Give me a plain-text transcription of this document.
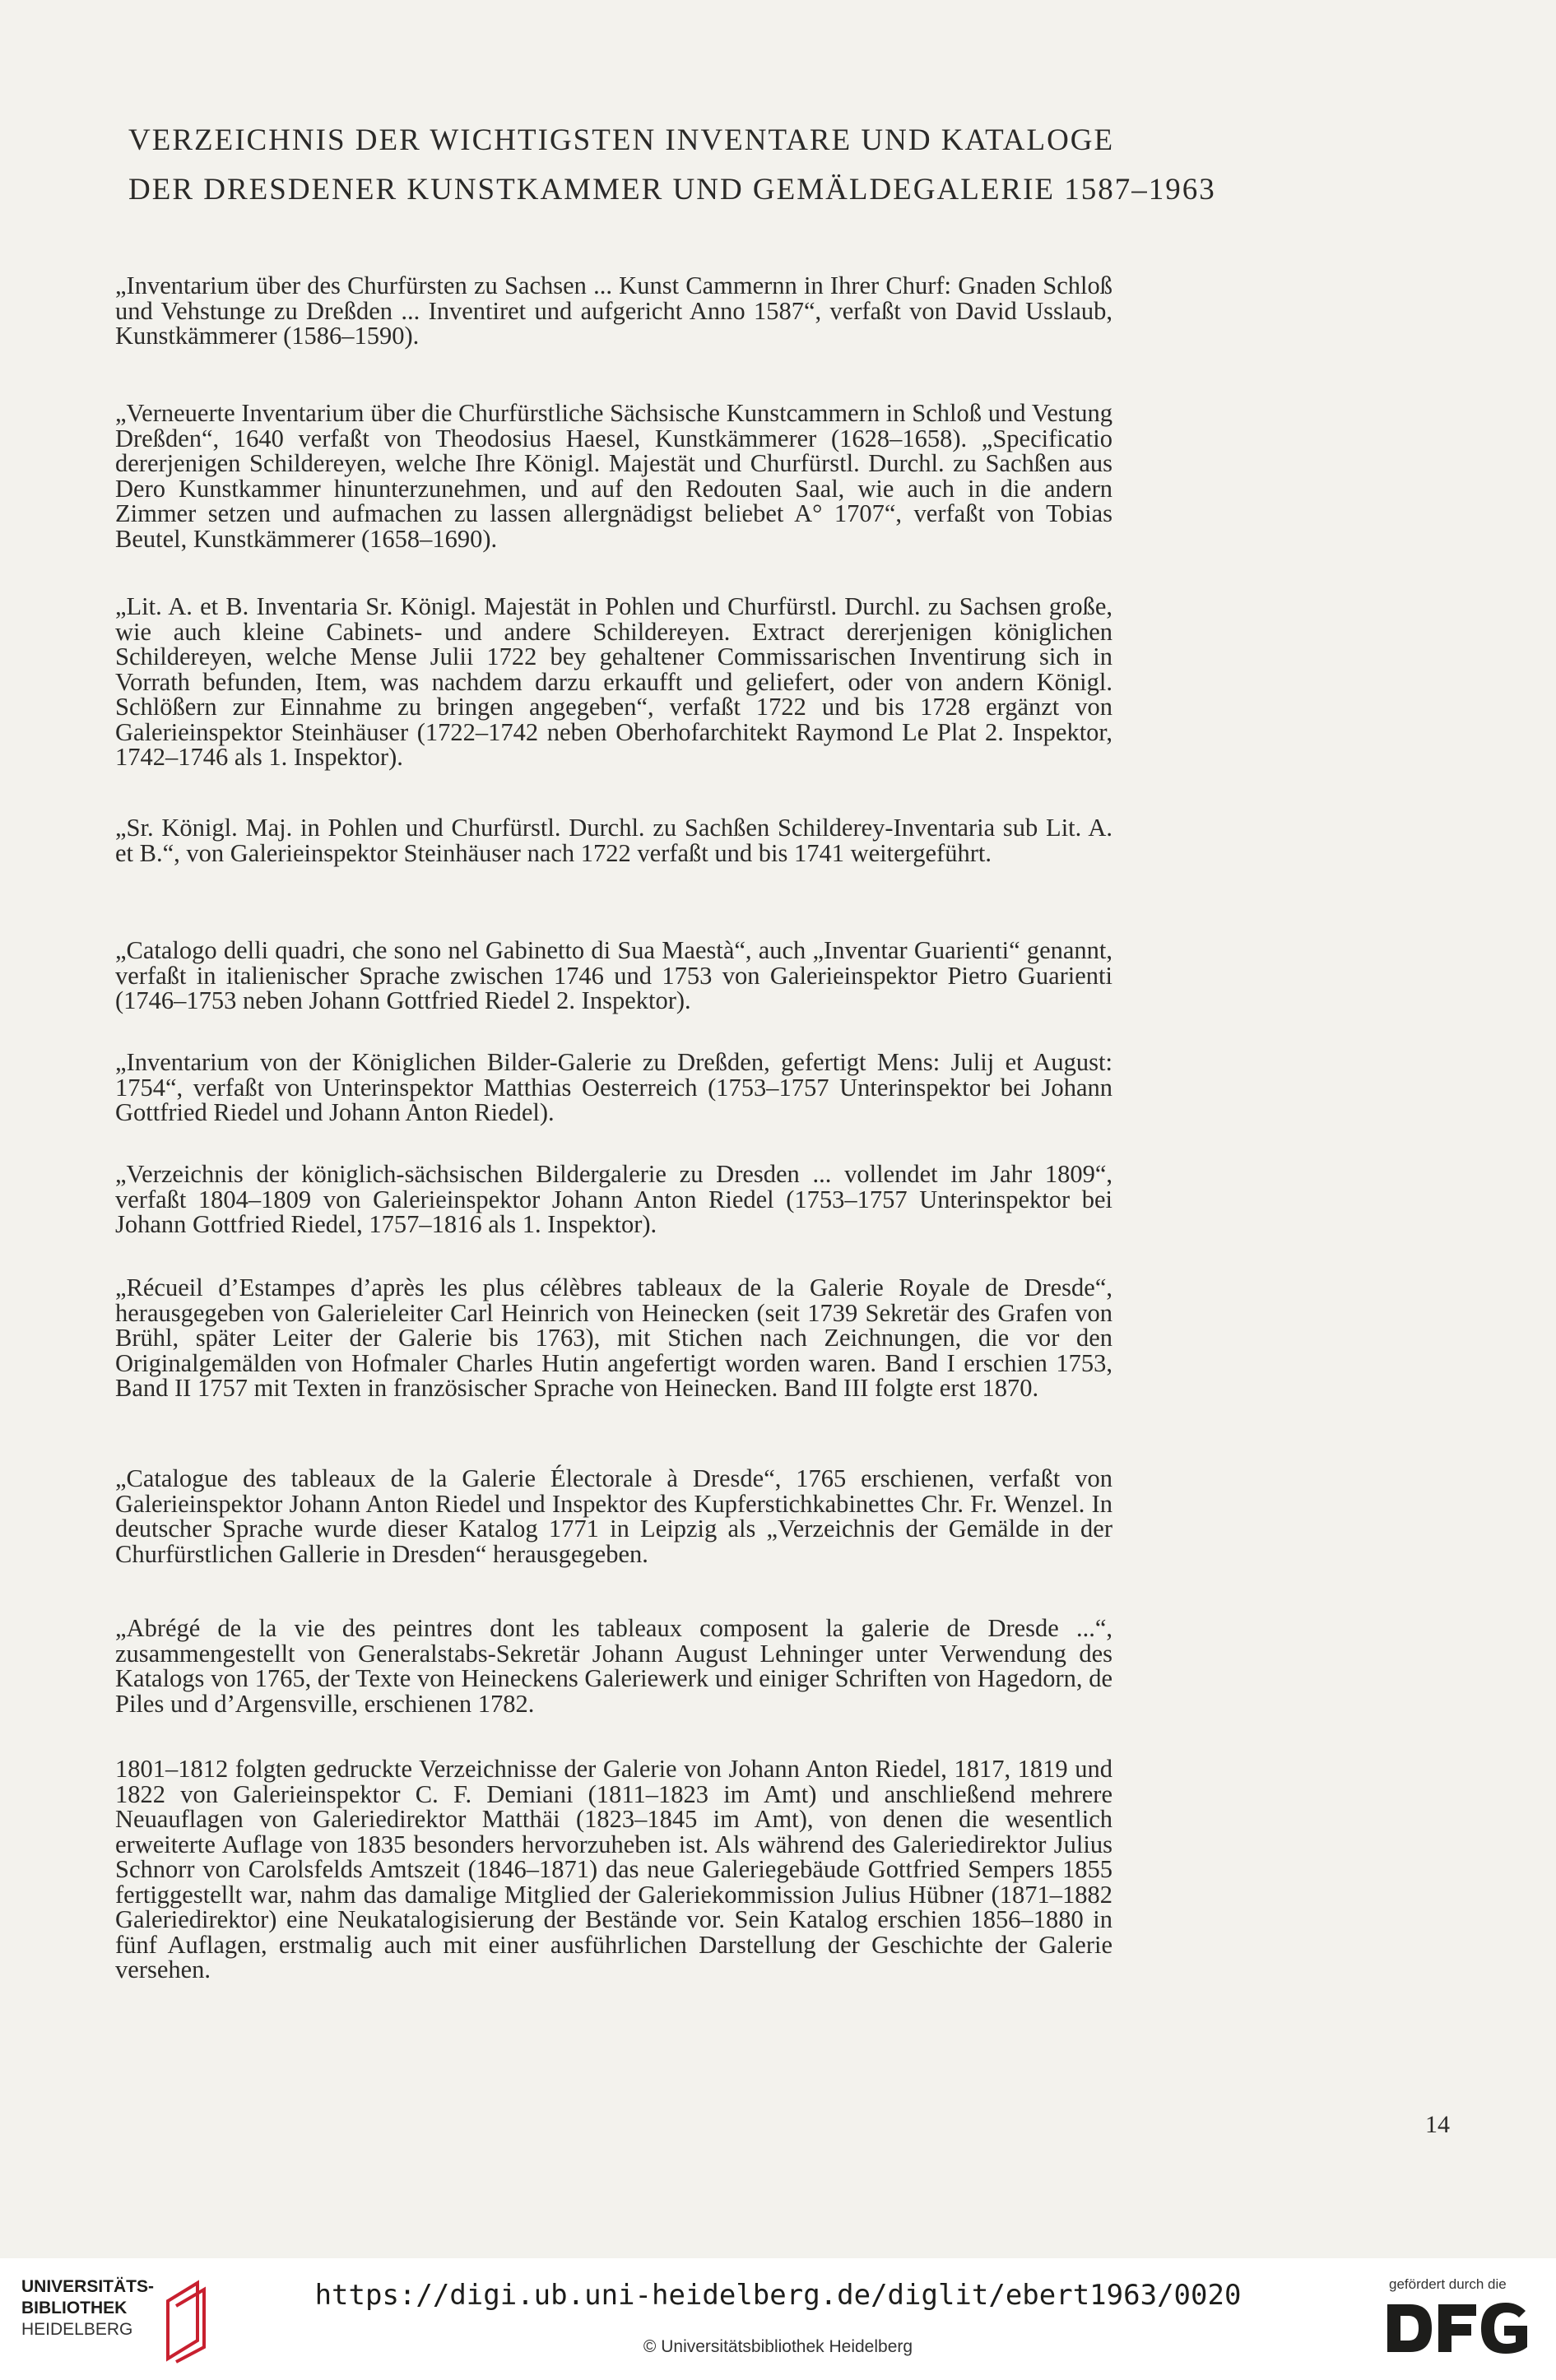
VERZEICHNIS DER WICHTIGSTEN INVENTARE UND KATALOGE
DER DRESDENER KUNSTKAMMER UND GEMÄLDEGALERIE 1587–1963

„Inventarium über des Churfürsten zu Sachsen ... Kunst Cammernn in Ihrer Churf: Gnaden Schloß und Vehstunge zu Dreßden ... Inventiret und aufgericht Anno 1587“, verfaßt von David Usslaub, Kunstkämmerer (1586–1590).

„Verneuerte Inventarium über die Churfürstliche Sächsische Kunstcammern in Schloß und Vestung Dreßden“, 1640 verfaßt von Theodosius Haesel, Kunstkämmerer (1628–1658). „Specificatio dererjenigen Schildereyen, welche Ihre Königl. Majestät und Churfürstl. Durchl. zu Sachßen aus Dero Kunstkammer hinunterzunehmen, und auf den Redouten Saal, wie auch in die andern Zimmer setzen und aufmachen zu lassen allergnädigst beliebet A° 1707“, verfaßt von Tobias Beutel, Kunstkämmerer (1658–1690).

„Lit. A. et B. Inventaria Sr. Königl. Majestät in Pohlen und Churfürstl. Durchl. zu Sachsen große, wie auch kleine Cabinets- und andere Schildereyen. Extract dererjenigen königlichen Schildereyen, welche Mense Julii 1722 bey gehaltener Commissarischen Inventirung sich in Vorrath befunden, Item, was nachdem darzu erkaufft und geliefert, oder von andern Königl. Schlößern zur Einnahme zu bringen angegeben“, verfaßt 1722 und bis 1728 ergänzt von Galerieinspektor Steinhäuser (1722–1742 neben Oberhofarchitekt Raymond Le Plat 2. Inspektor, 1742–1746 als 1. Inspektor).

„Sr. Königl. Maj. in Pohlen und Churfürstl. Durchl. zu Sachßen Schilderey-Inventaria sub Lit. A. et B.“, von Galerieinspektor Steinhäuser nach 1722 verfaßt und bis 1741 weitergeführt.

„Catalogo delli quadri, che sono nel Gabinetto di Sua Maestà“, auch „Inventar Guarienti“ genannt, verfaßt in italienischer Sprache zwischen 1746 und 1753 von Galerieinspektor Pietro Guarienti (1746–1753 neben Johann Gottfried Riedel 2. Inspektor).

„Inventarium von der Königlichen Bilder-Galerie zu Dreßden, gefertigt Mens: Julij et August: 1754“, verfaßt von Unterinspektor Matthias Oesterreich (1753–1757 Unterinspektor bei Johann Gottfried Riedel und Johann Anton Riedel).

„Verzeichnis der königlich-sächsischen Bildergalerie zu Dresden ... vollendet im Jahr 1809“, verfaßt 1804–1809 von Galerieinspektor Johann Anton Riedel (1753–1757 Unterinspektor bei Johann Gottfried Riedel, 1757–1816 als 1. Inspektor).

„Récueil d’Estampes d’après les plus célèbres tableaux de la Galerie Royale de Dresde“, herausgegeben von Galerieleiter Carl Heinrich von Heinecken (seit 1739 Sekretär des Grafen von Brühl, später Leiter der Galerie bis 1763), mit Stichen nach Zeichnungen, die vor den Originalgemälden von Hofmaler Charles Hutin angefertigt worden waren. Band I erschien 1753, Band II 1757 mit Texten in französischer Sprache von Heinecken. Band III folgte erst 1870.

„Catalogue des tableaux de la Galerie Électorale à Dresde“, 1765 erschienen, verfaßt von Galerieinspektor Johann Anton Riedel und Inspektor des Kupferstichkabinettes Chr. Fr. Wenzel. In deutscher Sprache wurde dieser Katalog 1771 in Leipzig als „Verzeichnis der Gemälde in der Churfürstlichen Gallerie in Dresden“ herausgegeben.

„Abrégé de la vie des peintres dont les tableaux composent la galerie de Dresde ...“, zusammengestellt von Generalstabs-Sekretär Johann August Lehninger unter Verwendung des Katalogs von 1765, der Texte von Heineckens Galeriewerk und einiger Schriften von Hagedorn, de Piles und d’Argensville, erschienen 1782.

1801–1812 folgten gedruckte Verzeichnisse der Galerie von Johann Anton Riedel, 1817, 1819 und 1822 von Galerieinspektor C. F. Demiani (1811–1823 im Amt) und anschließend mehrere Neuauflagen von Galeriedirektor Matthäi (1823–1845 im Amt), von denen die wesentlich erweiterte Auflage von 1835 besonders hervorzuheben ist. Als während des Galeriedirektor Julius Schnorr von Carolsfelds Amtszeit (1846–1871) das neue Galeriegebäude Gottfried Sempers 1855 fertiggestellt war, nahm das damalige Mitglied der Galeriekommission Julius Hübner (1871–1882 Galeriedirektor) eine Neukatalogisierung der Bestände vor. Sein Katalog erschien 1856–1880 in fünf Auflagen, erstmalig auch mit einer ausführlichen Darstellung der Geschichte der Galerie versehen.

14
UNIVERSITÄTS-
BIBLIOTHEK
HEIDELBERG
https://digi.ub.uni-heidelberg.de/diglit/ebert1963/0020
© Universitätsbibliothek Heidelberg
gefördert durch die
